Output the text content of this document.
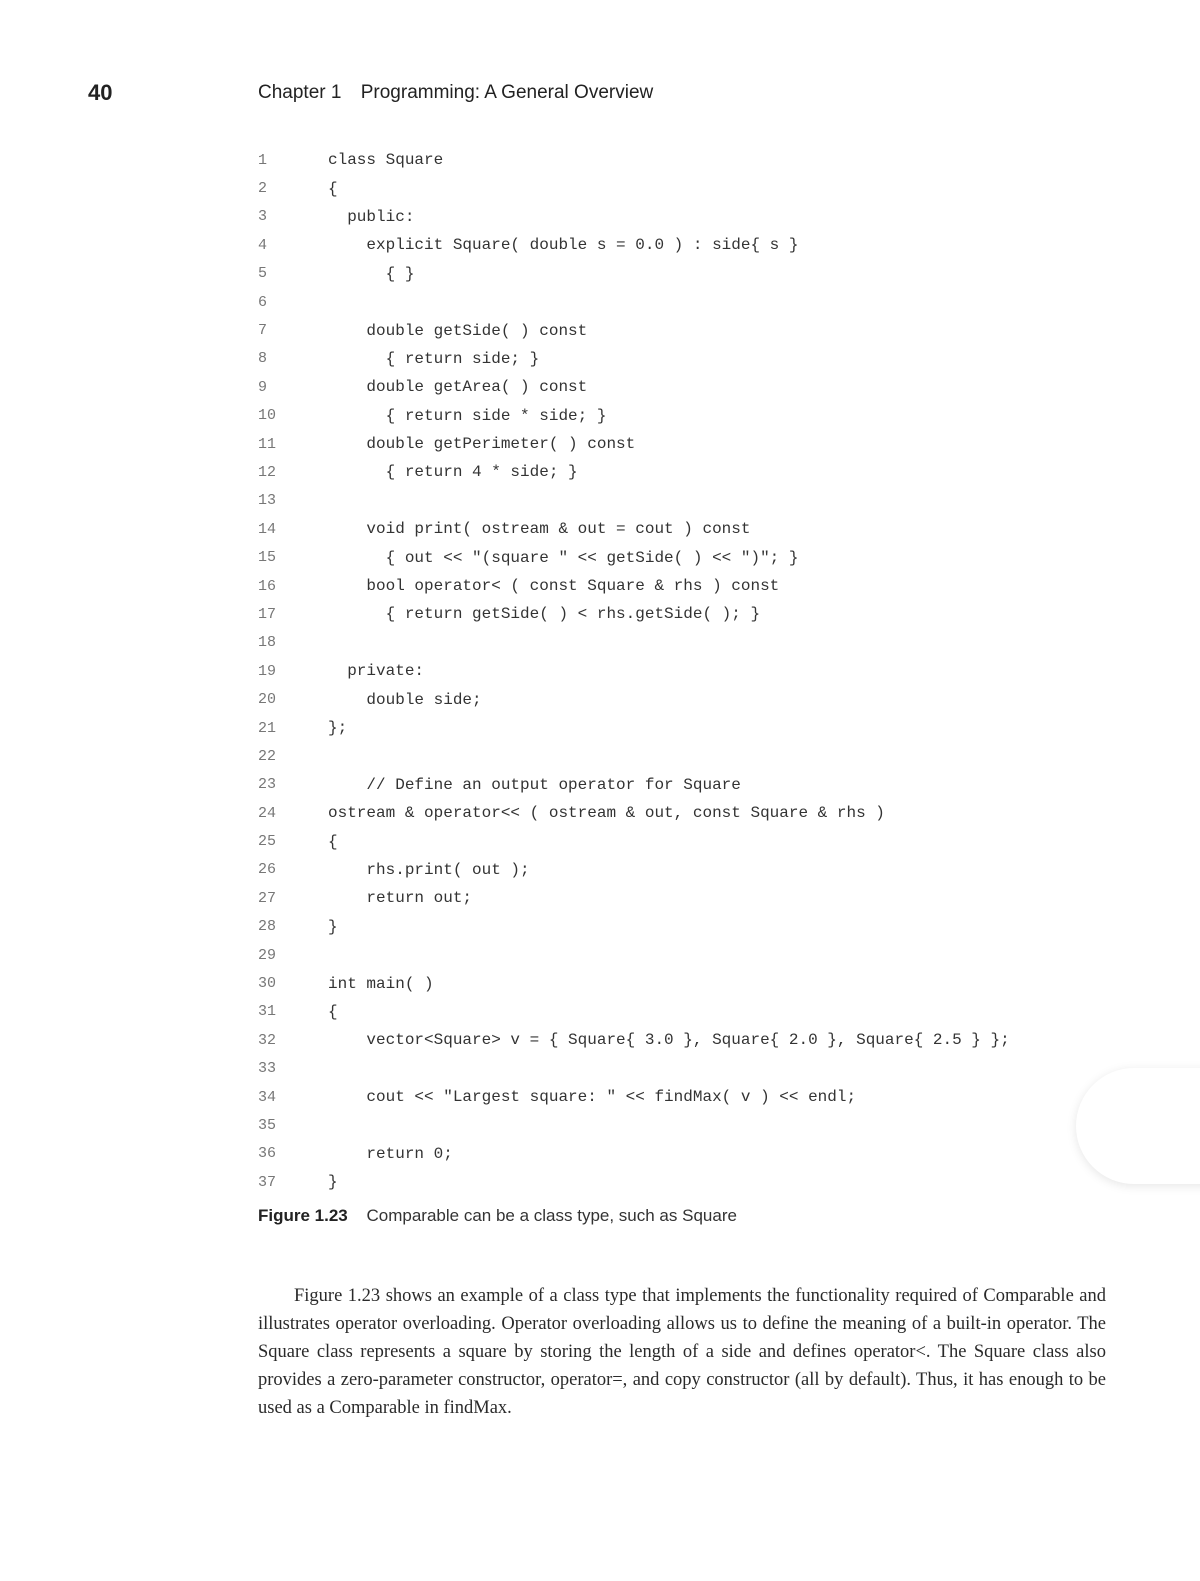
40	Chapter 1 Programming: A General Overview
1	class Square
2	{
3	public:
4	explicit Square( double s = 0.0 ) : side{ s }
5	{ }
6
7	double getSide( ) const
8	{ return side; }
9	double getArea( ) const
10	{ return side * side; }
11	double getPerimeter( ) const
12	{ return 4 * side; }
13
14	void print( ostream & out = cout ) const
15	{ out << "(square " << getSide( ) << ")"; }
16	bool operator< ( const Square & rhs ) const
17	{ return getSide( ) < rhs.getSide( ); }
18
19	private:
20	double side;
21	};
22
23	// Define an output operator for Square
24	ostream & operator<< ( ostream & out, const Square & rhs )
25	{
26	rhs.print( out );
27	return out;
28	}
29
30	int main( )
31	{
32	vector<Square> v = { Square{ 3.0 }, Square{ 2.0 }, Square{ 2.5 } };
33
34	cout << "Largest square: " << findMax( v ) << endl;
35
36	return 0;
37	}
Figure 1.23 Comparable can be a class type, such as Square
Figure 1.23 shows an example of a class type that implements the functionality required of Comparable and illustrates operator overloading. Operator overloading allows us to define the meaning of a built-in operator. The Square class represents a square by storing the length of a side and defines operator<. The Square class also provides a zero-parameter constructor, operator=, and copy constructor (all by default). Thus, it has enough to be used as a Comparable in findMax.
